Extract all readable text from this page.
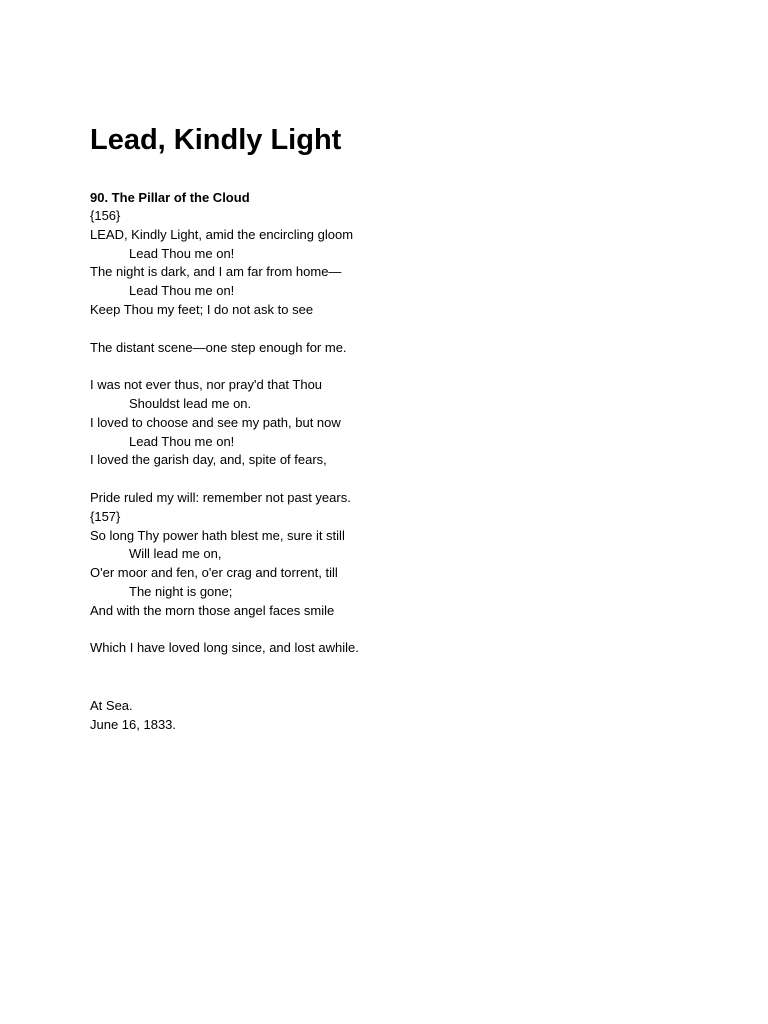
Lead, Kindly Light
90. The Pillar of the Cloud
{156}
LEAD, Kindly Light, amid the encircling gloom
Lead Thou me on!
The night is dark, and I am far from home—
Lead Thou me on!
Keep Thou my feet; I do not ask to see
The distant scene—one step enough for me.
I was not ever thus, nor pray'd that Thou
Shouldst lead me on.
I loved to choose and see my path, but now
Lead Thou me on!
I loved the garish day, and, spite of fears,
Pride ruled my will: remember not past years.
{157}
So long Thy power hath blest me, sure it still
Will lead me on,
O'er moor and fen, o'er crag and torrent, till
The night is gone;
And with the morn those angel faces smile
Which I have loved long since, and lost awhile.
At Sea.
June 16, 1833.
